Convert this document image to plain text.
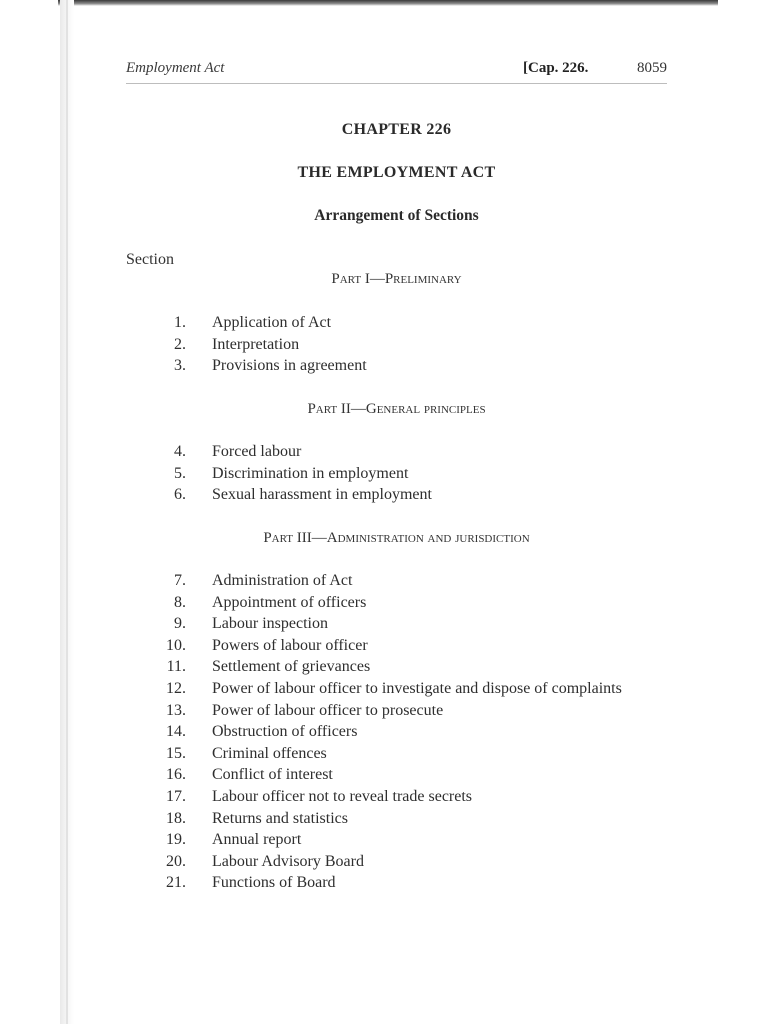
Employment Act	[Cap. 226.	8059
CHAPTER 226
THE EMPLOYMENT ACT
Arrangement of Sections
Section
Part I—Preliminary
1. Application of Act
2. Interpretation
3. Provisions in agreement
Part II—General principles
4. Forced labour
5. Discrimination in employment
6. Sexual harassment in employment
Part III—Administration and jurisdiction
7. Administration of Act
8. Appointment of officers
9. Labour inspection
10. Powers of labour officer
11. Settlement of grievances
12. Power of labour officer to investigate and dispose of complaints
13. Power of labour officer to prosecute
14. Obstruction of officers
15. Criminal offences
16. Conflict of interest
17. Labour officer not to reveal trade secrets
18. Returns and statistics
19. Annual report
20. Labour Advisory Board
21. Functions of Board
